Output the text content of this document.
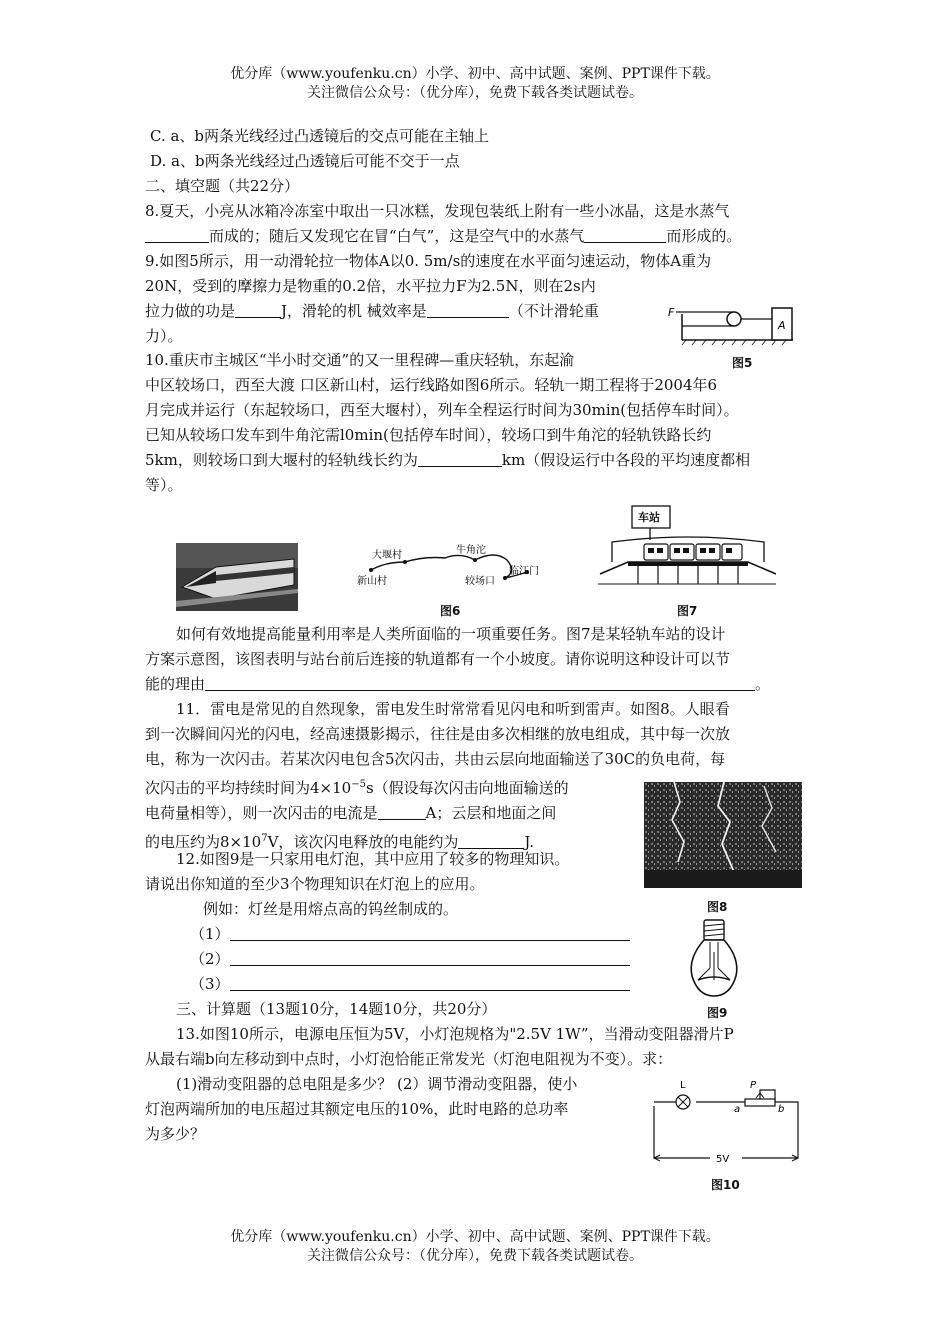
优分库（www.youfenku.cn）小学、初中、高中试题、案例、PPT课件下载。
关注微信公众号：（优分库），免费下载各类试题试卷。
C. a、b两条光线经过凸透镜后的交点可能在主轴上
D. a、b两条光线经过凸透镜后可能不交于一点
二、填空题（共22分）
8.夏天，小亮从冰箱冷冻室中取出一只冰糕，发现包装纸上附有一些小冰晶，这是水蒸气
而成的；随后又发现它在冒“白气”，这是空气中的水蒸气	而形成的。
9.如图5所示，用一动滑轮拉一物体A以0. 5m/s的速度在水平面匀速运动，物体A重为
20N，受到的摩擦力是物重的0.2倍，水平拉力F为2.5N，则在2s内
拉力做的功是	J，滑轮的机 械效率是	（不计滑轮重
力）。
A
F
图5
10.重庆市主城区“半小时交通”的又一里程碑—重庆轻轨，东起渝
中区较场口，西至大渡 口区新山村，运行线路如图6所示。轻轨一期工程将于2004年6
月完成并运行（东起较场口，西至大堰村），列车全程运行时间为30min(包括停车时间）。
已知从较场口发车到牛角沱需l0min(包括停车时间），较场口到牛角沱的轻轨铁路长约
5km，则较场口到大堰村的轻轨线长约为	km（假设运行中各段的平均速度都相
等）。
大堰村	牛角沱
新山村	较场口
临江门
图6
车站
图7
如何有效地提高能量利用率是人类所面临的一项重要任务。图7是某轻轨车站的设计
方案示意图，该图表明与站台前后连接的轨道都有一个小坡度。请你说明这种设计可以节
能的理由	。
11．雷电是常见的自然现象，雷电发生时常常看见闪电和听到雷声。如图8。人眼看
到一次瞬间闪光的闪电，经高速摄影揭示，往往是由多次相继的放电组成，其中每一次放
电，称为一次闪击。若某次闪电包含5次闪击，共由云层向地面输送了30C的负电荷，每
次闪击的平均持续时间为$4\times 10^{-5}s$（假设每次闪击向地面输送的
电荷量相等），则一次闪击的电流是	A；云层和地面之间
的电压约为$8\times 10^7V$，该次闪电释放的电能约为	J.
图8
12.如图9是一只家用电灯泡，其中应用了较多的物理知识。
请说出你知道的至少3个物理知识在灯泡上的应用。
例如：灯丝是用熔点高的钨丝制成的。
（1）
（2）
（3）
图9
三、计算题（13题10分，14题10分，共20分）
13.如图10所示，电源电压恒为5V，小灯泡规格为"2.5V 1W”，当滑动变阻器滑片P
从最右端b向左移动到中点时，小灯泡恰能正常发光（灯泡电阻视为不变）。求：
(1)滑动变阻器的总电阻是多少？ (2）调节滑动变阻器，使小
灯泡两端所加的电压超过其额定电压的10%，此时电路的总功率
为多少？
L	P
a	b
5V
图10
优分库（www.youfenku.cn）小学、初中、高中试题、案例、PPT课件下载。
关注微信公众号：（优分库），免费下载各类试题试卷。
